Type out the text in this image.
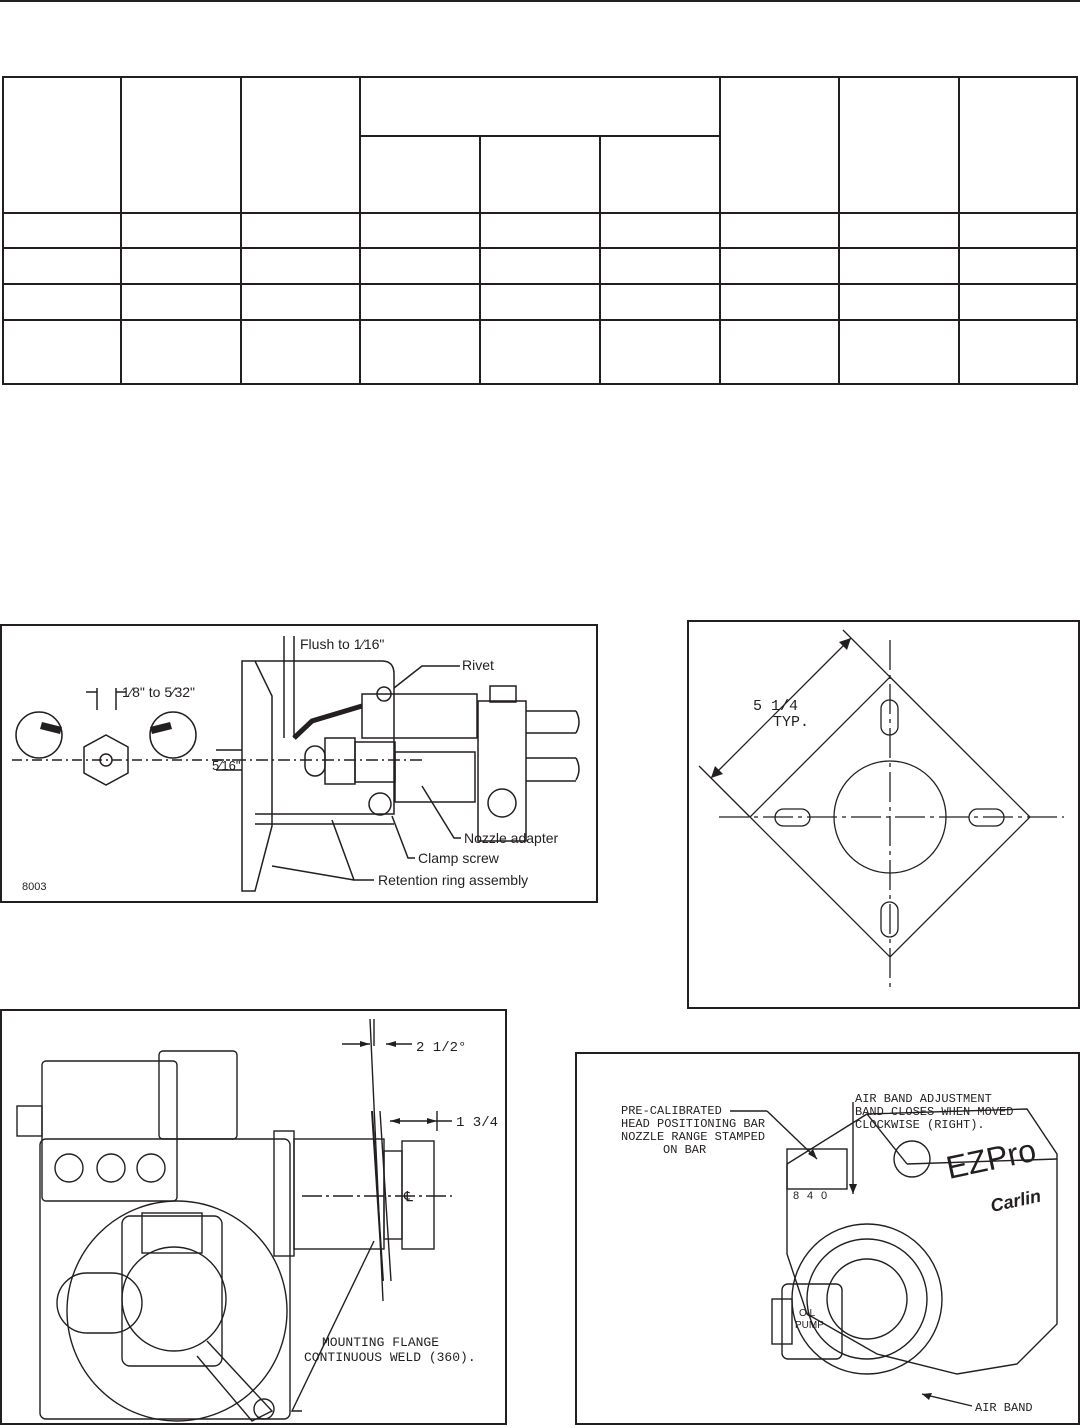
Flush to 1⁄16"
Rivet
1⁄8" to 5⁄32"
5⁄16"
Nozzle adapter
Clamp screw
Retention ring assembly
8003
5 1/4
TYP.
2 1/2°
1 3/4
℄
MOUNTING FLANGE
CONTINUOUS WELD (360).
PRE-CALIBRATED
HEAD POSITIONING BAR
NOZZLE RANGE STAMPED
ON BAR
AIR BAND ADJUSTMENT
BAND CLOSES WHEN MOVED
CLOCKWISE (RIGHT).
AIR BAND
EZPro
Carlin
OIL
PUMP
8 4 0
